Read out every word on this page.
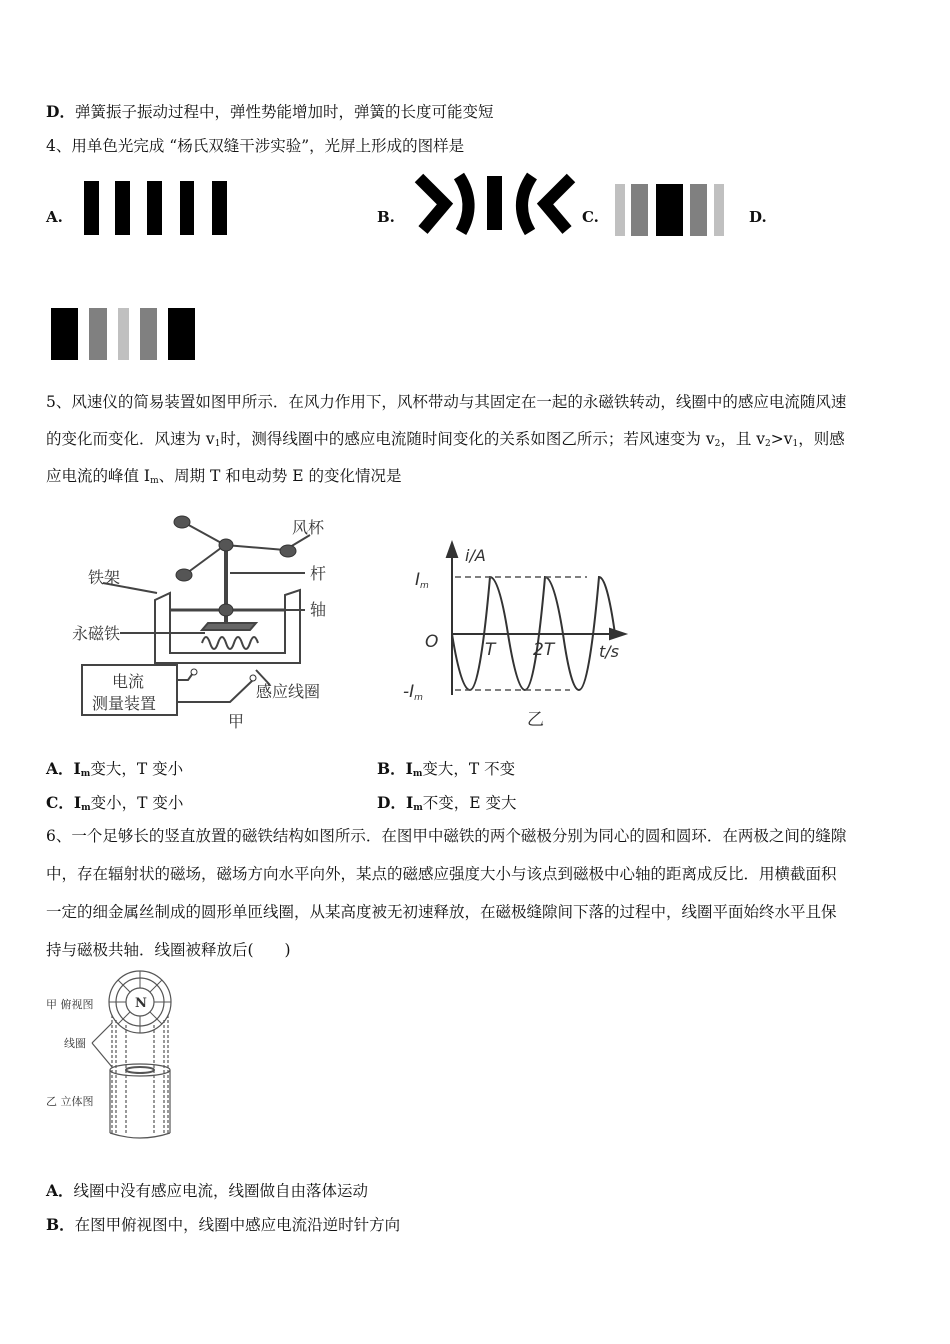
D．弹簧振子振动过程中，弹性势能增加时，弹簧的长度可能变短
4、用单色光完成 “杨氏双缝干涉实验”，光屏上形成的图样是
A.	B.	C.	D.
5、风速仪的简易装置如图甲所示．在风力作用下，风杯带动与其固定在一起的永磁铁转动，线圈中的感应电流随风速
的变化而变化．风速为 $v_1$时，测得线圈中的感应电流随时间变化的关系如图乙所示；若风速变为 $v_2$，且 $v_2>v_1$，则感
应电流的峰值 $I_m$、周期 T 和电动势 E 的变化情况是
风杯
杆
铁架
轴
永磁铁
电流
测量装置
感应线圈
甲
i/A
t/s
O
Im
-Im
T 2T
乙
A．$I_m$变大，T 变小	B．$I_m$变大，T 不变
C．$I_m$变小，T 变小	D．$I_m$不变，E 变大
6、一个足够长的竖直放置的磁铁结构如图所示．在图甲中磁铁的两个磁极分别为同心的圆和圆环．在两极之间的缝隙
中，存在辐射状的磁场，磁场方向水平向外，某点的磁感应强度大小与该点到磁极中心轴的距离成反比．用横截面积
一定的细金属丝制成的圆形单匝线圈，从某高度被无初速释放，在磁极缝隙间下落的过程中，线圈平面始终水平且保
持与磁极共轴．线圈被释放后(　　)
N
甲 俯视图
线圈
乙 立体图
A．线圈中没有感应电流，线圈做自由落体运动
B．在图甲俯视图中，线圈中感应电流沿逆时针方向
